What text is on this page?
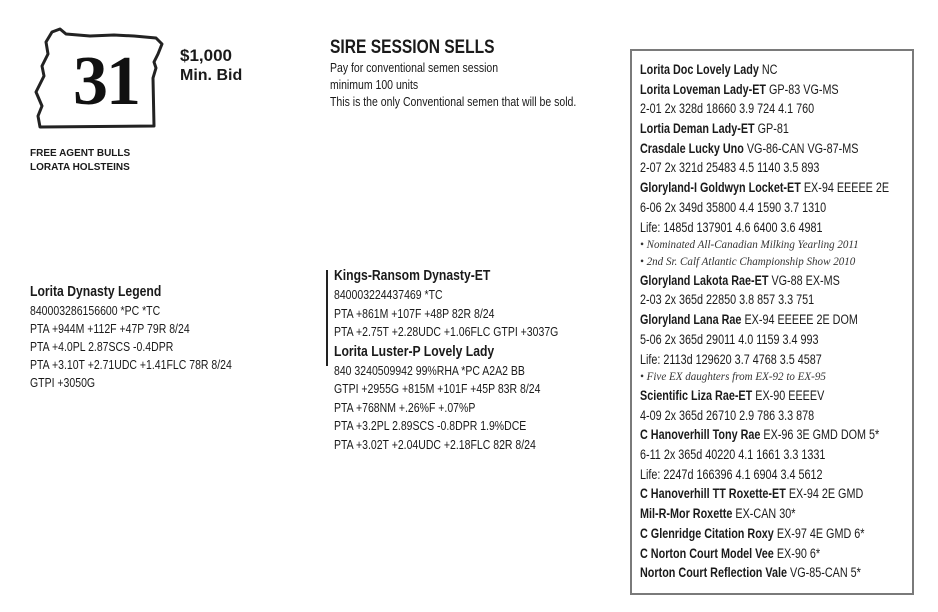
31	$1,000
Min. Bid
FREE AGENT BULLS
LORATA HOLSTEINS
SIRE SESSION SELLS
Pay for conventional semen session
minimum 100 units
This is the only Conventional semen that will be sold.
Lorita Dynasty Legend
840003286156600 *PC *TC
PTA +944M +112F +47P 79R 8/24
PTA +4.0PL 2.87SCS -0.4DPR
PTA +3.10T +2.71UDC +1.41FLC 78R 8/24
GTPI +3050G
Kings-Ransom Dynasty-ET
840003224437469 *TC
PTA +861M +107F +48P 82R 8/24
PTA +2.75T +2.28UDC +1.06FLC GTPI +3037G
Lorita Luster-P Lovely Lady
840 3240509942 99%RHA *PC A2A2 BB
GTPI +2955G +815M +101F +45P 83R 8/24
PTA +768NM +.26%F +.07%P
PTA +3.2PL 2.89SCS -0.8DPR 1.9%DCE
PTA +3.02T +2.04UDC +2.18FLC 82R 8/24
Lorita Doc Lovely Lady NC
Lorita Loveman Lady-ET GP-83 VG-MS
2-01 2x 328d 18660 3.9 724 4.1 760
Lortia Deman Lady-ET GP-81
Crasdale Lucky Uno VG-86-CAN VG-87-MS
2-07 2x 321d 25483 4.5 1140 3.5 893
Gloryland-I Goldwyn Locket-ET EX-94 EEEEE 2E
6-06 2x 349d 35800 4.4 1590 3.7 1310
Life: 1485d 137901 4.6 6400 3.6 4981
• Nominated All-Canadian Milking Yearling 2011
• 2nd Sr. Calf Atlantic Championship Show 2010
Gloryland Lakota Rae-ET VG-88 EX-MS
2-03 2x 365d 22850 3.8 857 3.3 751
Gloryland Lana Rae EX-94 EEEEE 2E DOM
5-06 2x 365d 29011 4.0 1159 3.4 993
Life: 2113d 129620 3.7 4768 3.5 4587
• Five EX daughters from EX-92 to EX-95
Scientific Liza Rae-ET EX-90 EEEEV
4-09 2x 365d 26710 2.9 786 3.3 878
C Hanoverhill Tony Rae EX-96 3E GMD DOM 5*
6-11 2x 365d 40220 4.1 1661 3.3 1331
Life: 2247d 166396 4.1 6904 3.4 5612
C Hanoverhill TT Roxette-ET EX-94 2E GMD
Mil-R-Mor Roxette EX-CAN 30*
C Glenridge Citation Roxy EX-97 4E GMD 6*
C Norton Court Model Vee EX-90 6*
Norton Court Reflection Vale VG-85-CAN 5*
